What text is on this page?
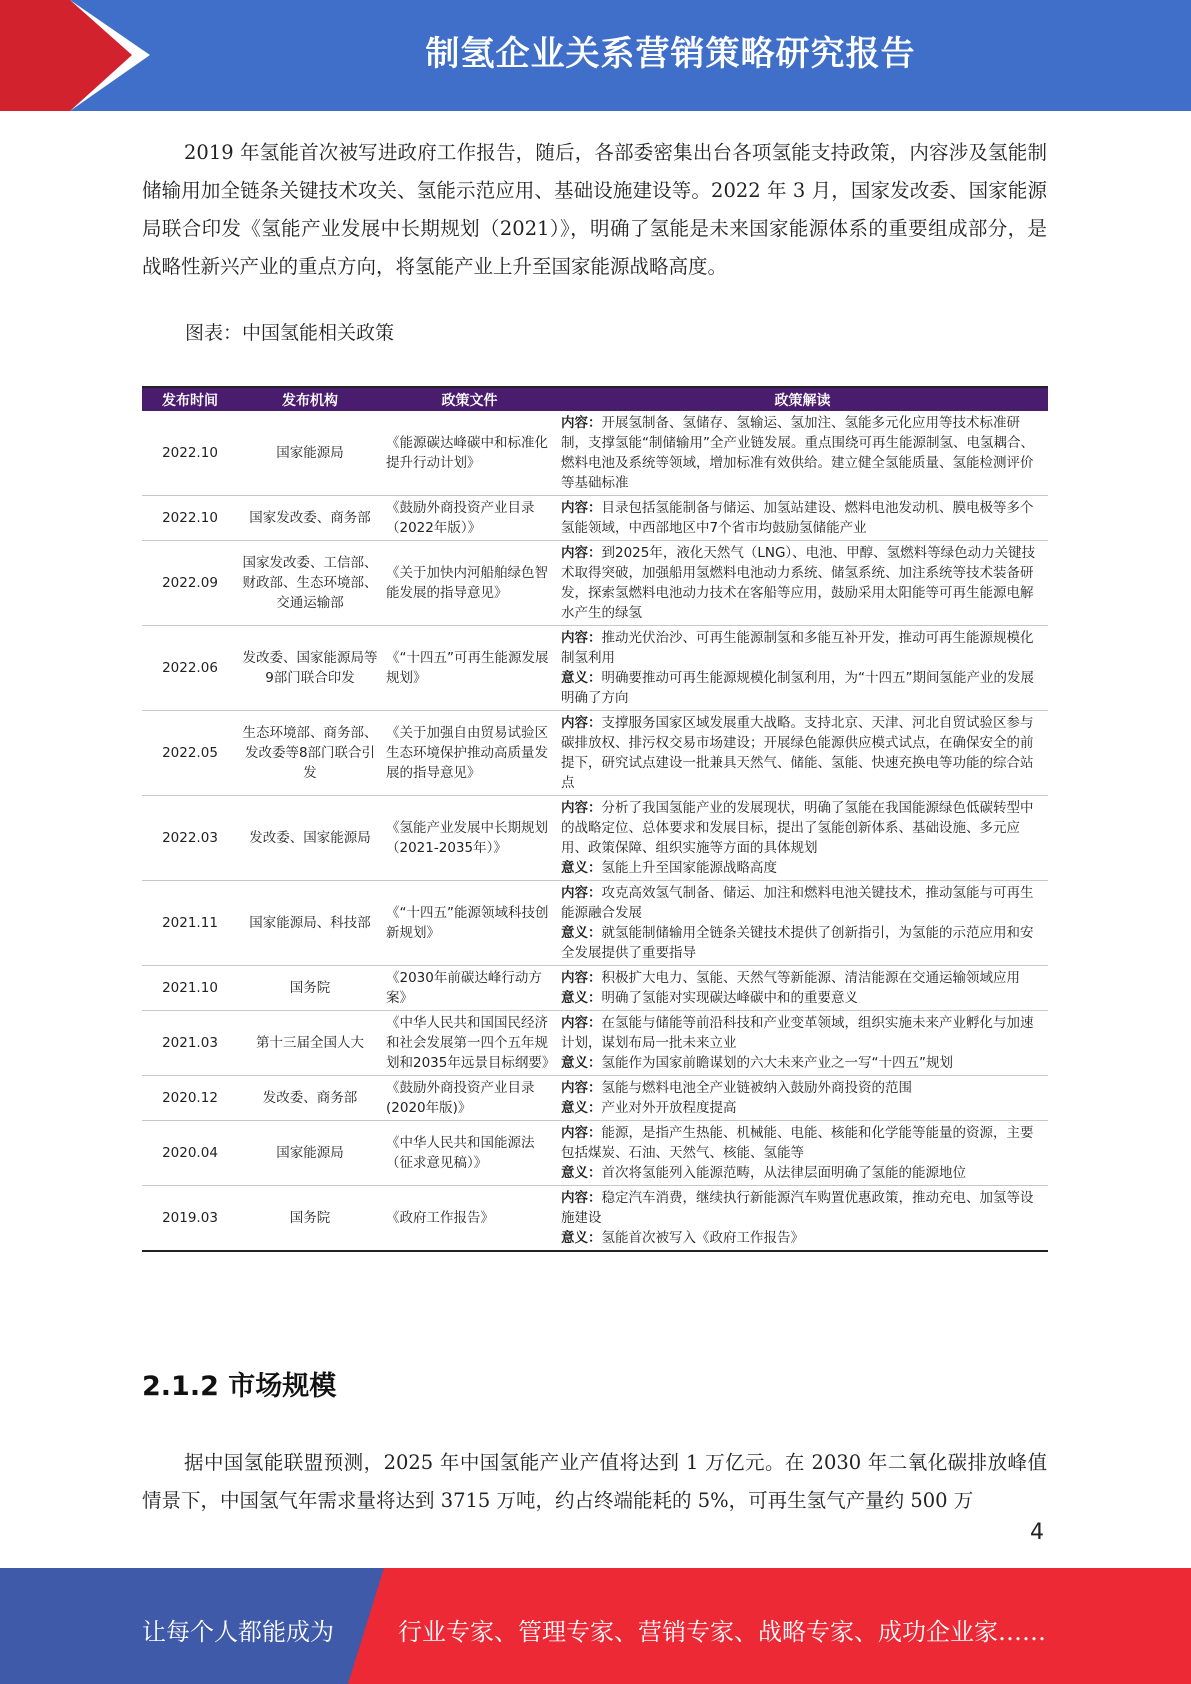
制氢企业关系营销策略研究报告

2019 年氢能首次被写进政府工作报告，随后，各部委密集出台各项氢能支持政策，内容涉及氢能制储输用加全链条关键技术攻关、氢能示范应用、基础设施建设等。2022 年 3 月，国家发改委、国家能源局联合印发《氢能产业发展中长期规划（2021）》，明确了氢能是未来国家能源体系的重要组成部分，是战略性新兴产业的重点方向，将氢能产业上升至国家能源战略高度。

图表：中国氢能相关政策
发布时间	发布机构	政策文件	政策解读
2022.10	国家能源局	《能源碳达峰碳中和标准化提升行动计划》	内容：开展氢制备、氢储存、氢输运、氢加注、氢能多元化应用等技术标准研制，支撑氢能“制储输用”全产业链发展。重点围绕可再生能源制氢、电氢耦合、燃料电池及系统等领域，增加标准有效供给。建立健全氢能质量、氢能检测评价等基础标准

2022.10	国家发改委、商务部	《鼓励外商投资产业目录（2022年版）》	内容：目录包括氢能制备与储运、加氢站建设、燃料电池发动机、膜电极等多个氢能领域，中西部地区中7个省市均鼓励氢储能产业

2022.09	国家发改委、工信部、财政部、生态环境部、交通运输部	《关于加快内河船舶绿色智能发展的指导意见》	内容：到2025年，液化天然气（LNG）、电池、甲醇、氢燃料等绿色动力关键技术取得突破，加强船用氢燃料电池动力系统、储氢系统、加注系统等技术装备研发，探索氢燃料电池动力技术在客船等应用，鼓励采用太阳能等可再生能源电解水产生的绿氢

2022.06	发改委、国家能源局等9部门联合印发	《“十四五”可再生能源发展规划》	内容：推动光伏治沙、可再生能源制氢和多能互补开发，推动可再生能源规模化制氢利用
意义：明确要推动可再生能源规模化制氢利用，为“十四五”期间氢能产业的发展明确了方向

2022.05	生态环境部、商务部、发改委等8部门联合引发	《关于加强自由贸易试验区生态环境保护推动高质量发展的指导意见》	内容：支撑服务国家区域发展重大战略。支持北京、天津、河北自贸试验区参与碳排放权、排污权交易市场建设；开展绿色能源供应模式试点，在确保安全的前提下，研究试点建设一批兼具天然气、储能、氢能、快速充换电等功能的综合站点

2022.03	发改委、国家能源局	《氢能产业发展中长期规划 （2021-2035年）》	内容：分析了我国氢能产业的发展现状，明确了氢能在我国能源绿色低碳转型中的战略定位、总体要求和发展目标，提出了氢能创新体系、基础设施、多元应用、政策保障、组织实施等方面的具体规划
意义：氢能上升至国家能源战略高度

2021.11	国家能源局、科技部	《“十四五”能源领域科技创新规划》	内容：攻克高效氢气制备、储运、加注和燃料电池关键技术，推动氢能与可再生能源融合发展
意义：就氢能制储输用全链条关键技术提供了创新指引，为氢能的示范应用和安全发展提供了重要指导

2021.10	国务院	《2030年前碳达峰行动方案》	内容：积极扩大电力、氢能、天然气等新能源、清洁能源在交通运输领域应用
意义：明确了氢能对实现碳达峰碳中和的重要意义

2021.03	第十三届全国人大	《中华人民共和国国民经济和社会发展第一四个五年规划和2035年远景目标纲要》	内容：在氢能与储能等前沿科技和产业变革领域，组织实施未来产业孵化与加速计划，谋划布局一批未来立业
意义：氢能作为国家前瞻谋划的六大未来产业之一写“十四五”规划

2020.12	发改委、商务部	《鼓励外商投资产业目录(2020年版)》	内容：氢能与燃料电池全产业链被纳入鼓励外商投资的范围
意义：产业对外开放程度提高

2020.04	国家能源局	《中华人民共和国能源法（征求意见稿）》	内容：能源，是指产生热能、机械能、电能、核能和化学能等能量的资源，主要包括煤炭、石油、天然气、核能、氢能等
意义：首次将氢能列入能源范畴，从法律层面明确了氢能的能源地位

2019.03	国务院	《政府工作报告》	内容：稳定汽车消费，继续执行新能源汽车购置优惠政策，推动充电、加氢等设施建设
意义：氢能首次被写入《政府工作报告》
2.1.2 市场规模

据中国氢能联盟预测，2025 年中国氢能产业产值将达到 1 万亿元。在 2030 年二氧化碳排放峰值情景下，中国氢气年需求量将达到 3715 万吨，约占终端能耗的 5%，可再生氢气产量约 500 万

4
让每个人都能成为	行业专家、管理专家、营销专家、战略专家、成功企业家……
